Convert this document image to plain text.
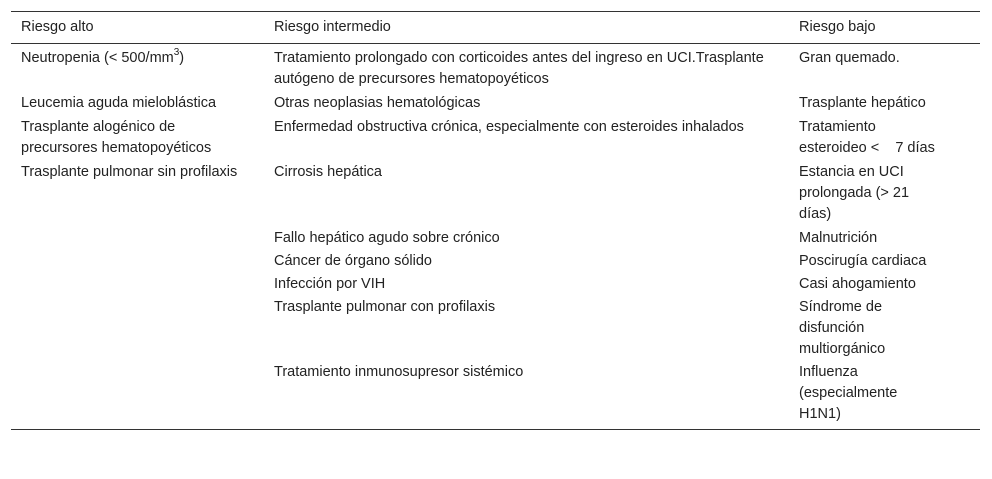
Riesgo alto	Riesgo intermedio	Riesgo bajo
Neutropenia (< $500/mm^3$)	Tratamiento prolongado con corticoides antes del ingreso en UCI.Trasplante autógeno de precursores hematopoyéticos	Gran quemado.
Leucemia aguda mieloblástica	Otras neoplasias hematológicas	Trasplante hepático
Trasplante alogénico de precursores hematopoyéticos	Enfermedad obstructiva crónica, especialmente con esteroides inhalados	Tratamiento esteroideo <    7 días
Trasplante pulmonar sin profilaxis	Cirrosis hepática	Estancia en UCI prolongada (> 21 días)
	Fallo hepático agudo sobre crónico	Malnutrición
	Cáncer de órgano sólido	Poscirugía cardiaca
	Infección por VIH	Casi ahogamiento
	Trasplante pulmonar con profilaxis	Síndrome de disfunción multiorgánico
	Tratamiento inmunosupresor sistémico	Influenza (especialmente H1N1)
